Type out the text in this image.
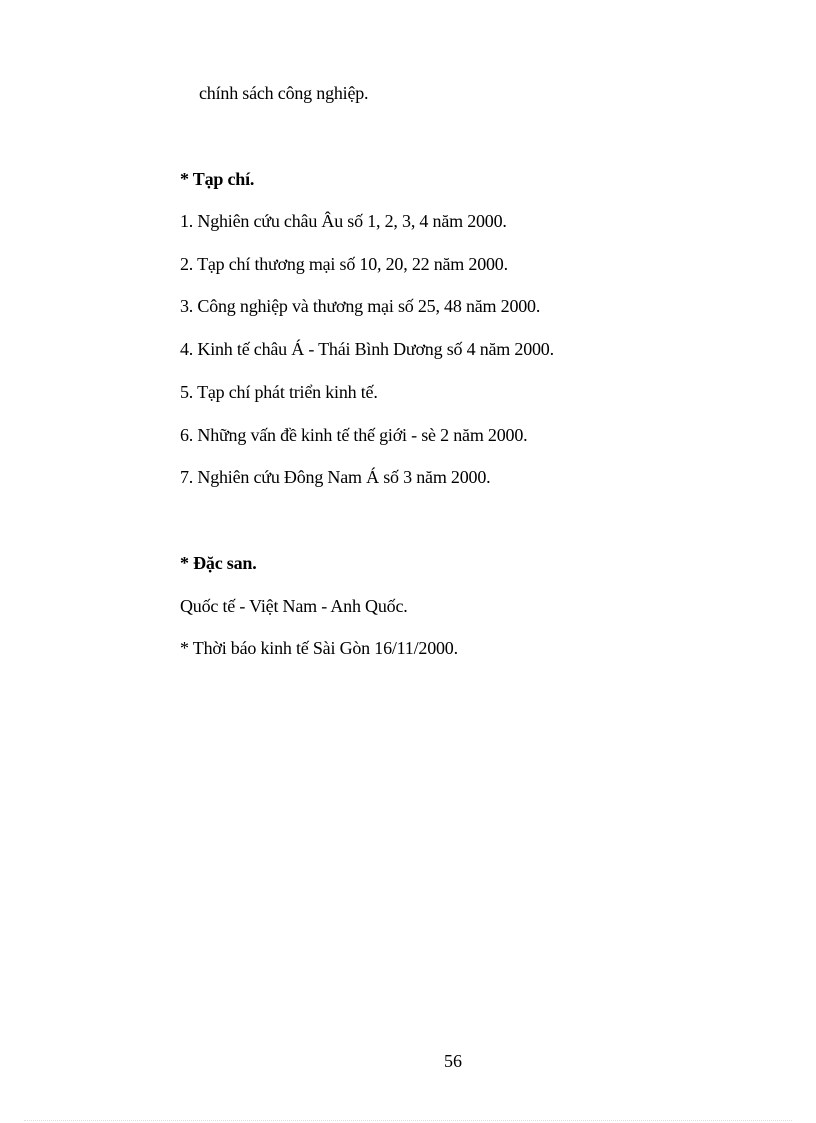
chính sách công nghiệp.
* Tạp chí.
1. Nghiên cứu châu Âu số 1, 2, 3, 4 năm 2000.
2. Tạp chí thương mại số 10, 20, 22 năm 2000.
3. Công nghiệp và thương mại số 25, 48 năm 2000.
4. Kinh tế châu Á - Thái Bình Dương số 4 năm 2000.
5. Tạp chí phát triển kinh tế.
6. Những vấn đề kinh tế thế giới - sè 2 năm 2000.
7. Nghiên cứu Đông Nam Á số 3 năm 2000.
* Đặc san.
Quốc tế - Việt Nam - Anh Quốc.
* Thời báo kinh tế Sài Gòn 16/11/2000.
56
